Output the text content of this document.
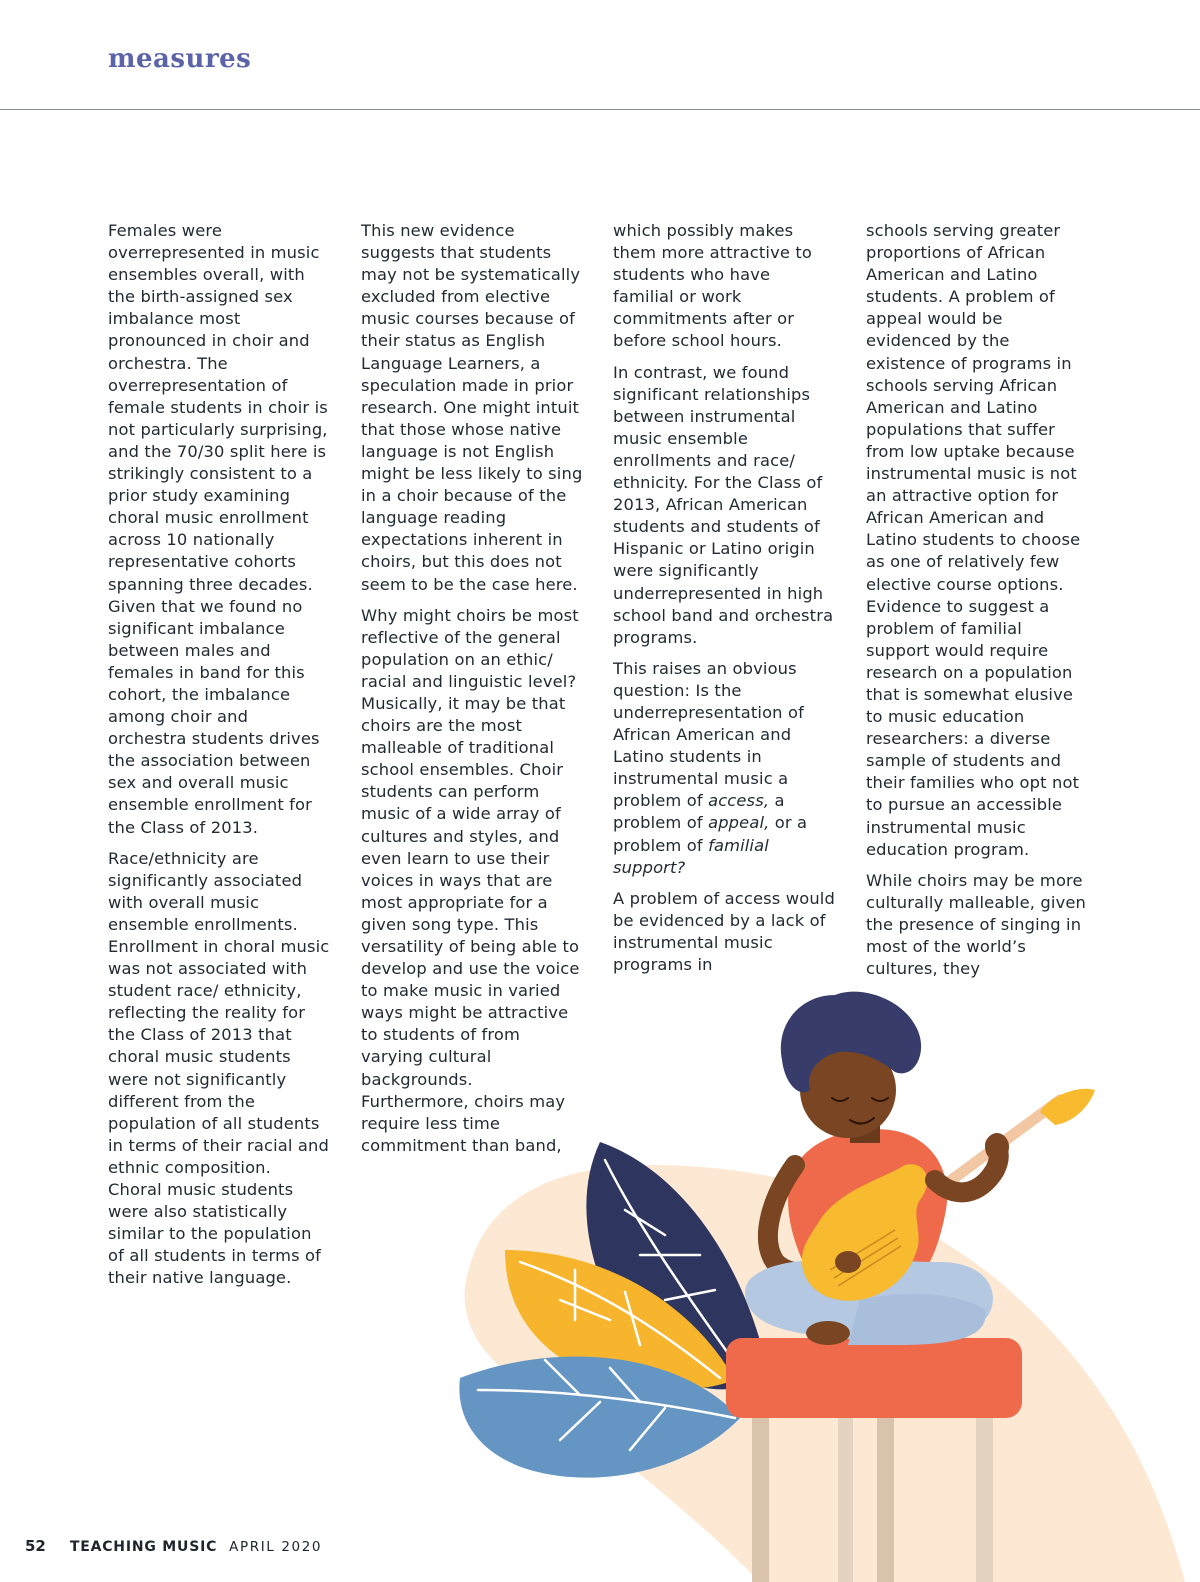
measures

Females were overrepresented in music ensembles overall, with the birth-assigned sex imbalance most pronounced in choir and orchestra. The overrepresentation of female students in choir is not particularly surprising, and the 70/30 split here is strikingly consistent to a prior study examining choral music enrollment across 10 nationally representative cohorts spanning three decades. Given that we found no significant imbalance between males and females in band for this cohort, the imbalance among choir and orchestra students drives the association between sex and overall music ensemble enrollment for the Class of 2013.

Race/ethnicity are significantly associated with overall music ensemble enrollments. Enrollment in choral music was not associated with student race/ ethnicity, reflecting the reality for the Class of 2013 that choral music students were not significantly different from the population of all students in terms of their racial and ethnic composition. Choral music students were also statistically similar to the population of all students in terms of their native language.

This new evidence suggests that students may not be systematically excluded from elective music courses because of their status as English Language Learners, a speculation made in prior research. One might intuit that those whose native language is not English might be less likely to sing in a choir because of the language reading expectations inherent in choirs, but this does not seem to be the case here.

Why might choirs be most reflective of the general population on an ethic/ racial and linguistic level? Musically, it may be that choirs are the most malleable of traditional school ensembles. Choir students can perform music of a wide array of cultures and styles, and even learn to use their voices in ways that are most appropriate for a given song type. This versatility of being able to develop and use the voice to make music in varied ways might be attractive to students of from varying cultural backgrounds. Furthermore, choirs may require less time commitment than band,

which possibly makes them more attractive to students who have familial or work commitments after or before school hours.

In contrast, we found significant relationships between instrumental music ensemble enrollments and race/ ethnicity. For the Class of 2013, African American students and students of Hispanic or Latino origin were significantly underrepresented in high school band and orchestra programs.

This raises an obvious question: Is the underrepresentation of African American and Latino students in instrumental music a problem of access, a problem of appeal, or a problem of familial support?

A problem of access would be evidenced by a lack of instrumental music programs in

schools serving greater proportions of African American and Latino students. A problem of appeal would be evidenced by the existence of programs in schools serving African American and Latino populations that suffer from low uptake because instrumental music is not an attractive option for African American and Latino students to choose as one of relatively few elective course options. Evidence to suggest a problem of familial support would require research on a population that is somewhat elusive to music education researchers: a diverse sample of students and their families who opt not to pursue an accessible instrumental music education program.

While choirs may be more culturally malleable, given the presence of singing in most of the world’s cultures, they

52 TEACHING MUSIC APRIL 2020
